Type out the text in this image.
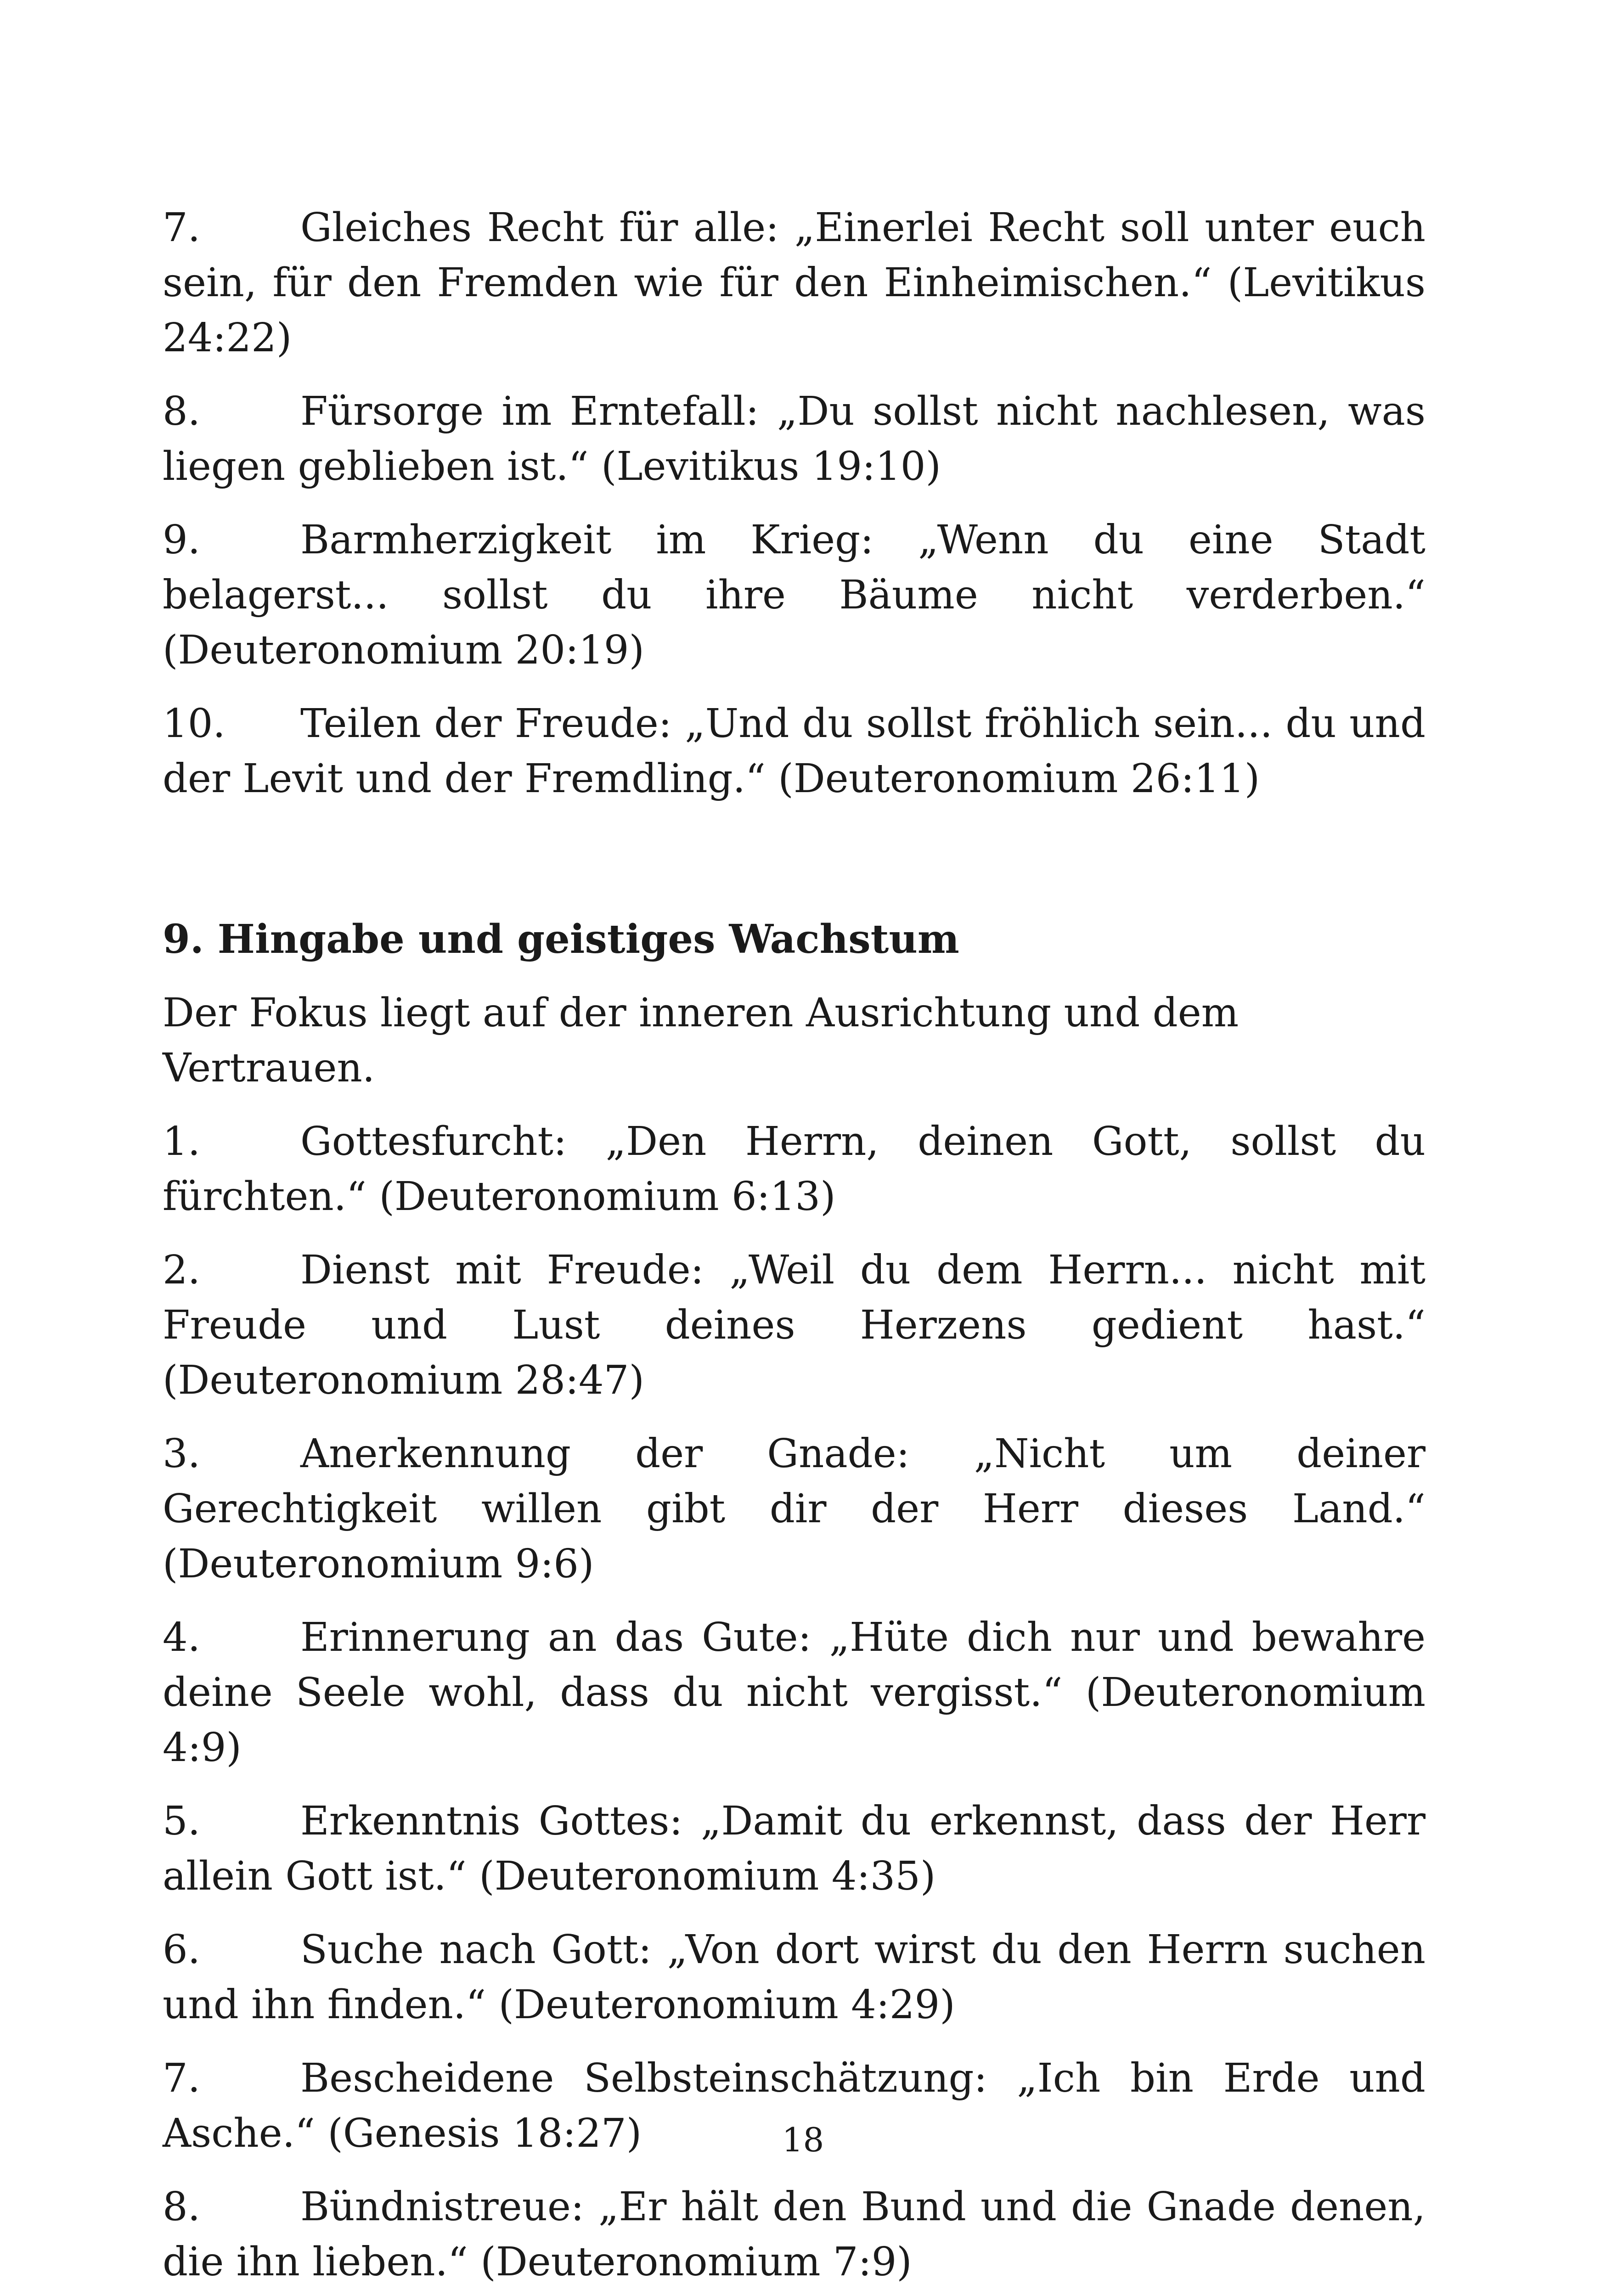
7.	Gleiches Recht für alle: „Einerlei Recht soll unter euch sein, für den Fremden wie für den Einheimischen.“ (Levitikus 24:22)

8.	Fürsorge im Erntefall: „Du sollst nicht nachlesen, was liegen geblieben ist.“ (Levitikus 19:10)

9.	Barmherzigkeit im Krieg: „Wenn du eine Stadt belagerst... sollst du ihre Bäume nicht verderben.“ (Deuteronomium 20:19)

10. Teilen der Freude: „Und du sollst fröhlich sein... du und der Levit und der Fremdling.“ (Deuteronomium 26:11)

9. Hingabe und geistiges Wachstum

Der Fokus liegt auf der inneren Ausrichtung und dem Vertrauen.

1.	Gottesfurcht: „Den Herrn, deinen Gott, sollst du fürchten.“ (Deuteronomium 6:13)

2.	Dienst mit Freude: „Weil du dem Herrn... nicht mit Freude und Lust deines Herzens gedient hast.“ (Deuteronomium 28:47)

3.	Anerkennung der Gnade: „Nicht um deiner Gerechtigkeit willen gibt dir der Herr dieses Land.“ (Deuteronomium 9:6)

4.	Erinnerung an das Gute: „Hüte dich nur und bewahre deine Seele wohl, dass du nicht vergisst.“ (Deuteronomium 4:9)

5.	Erkenntnis Gottes: „Damit du erkennst, dass der Herr allein Gott ist.“ (Deuteronomium 4:35)

6.	Suche nach Gott: „Von dort wirst du den Herrn suchen und ihn finden.“ (Deuteronomium 4:29)

7.	Bescheidene Selbsteinschätzung: „Ich bin Erde und Asche.“ (Genesis 18:27)

8.	Bündnistreue: „Er hält den Bund und die Gnade denen, die ihn lieben.“ (Deuteronomium 7:9)

18
